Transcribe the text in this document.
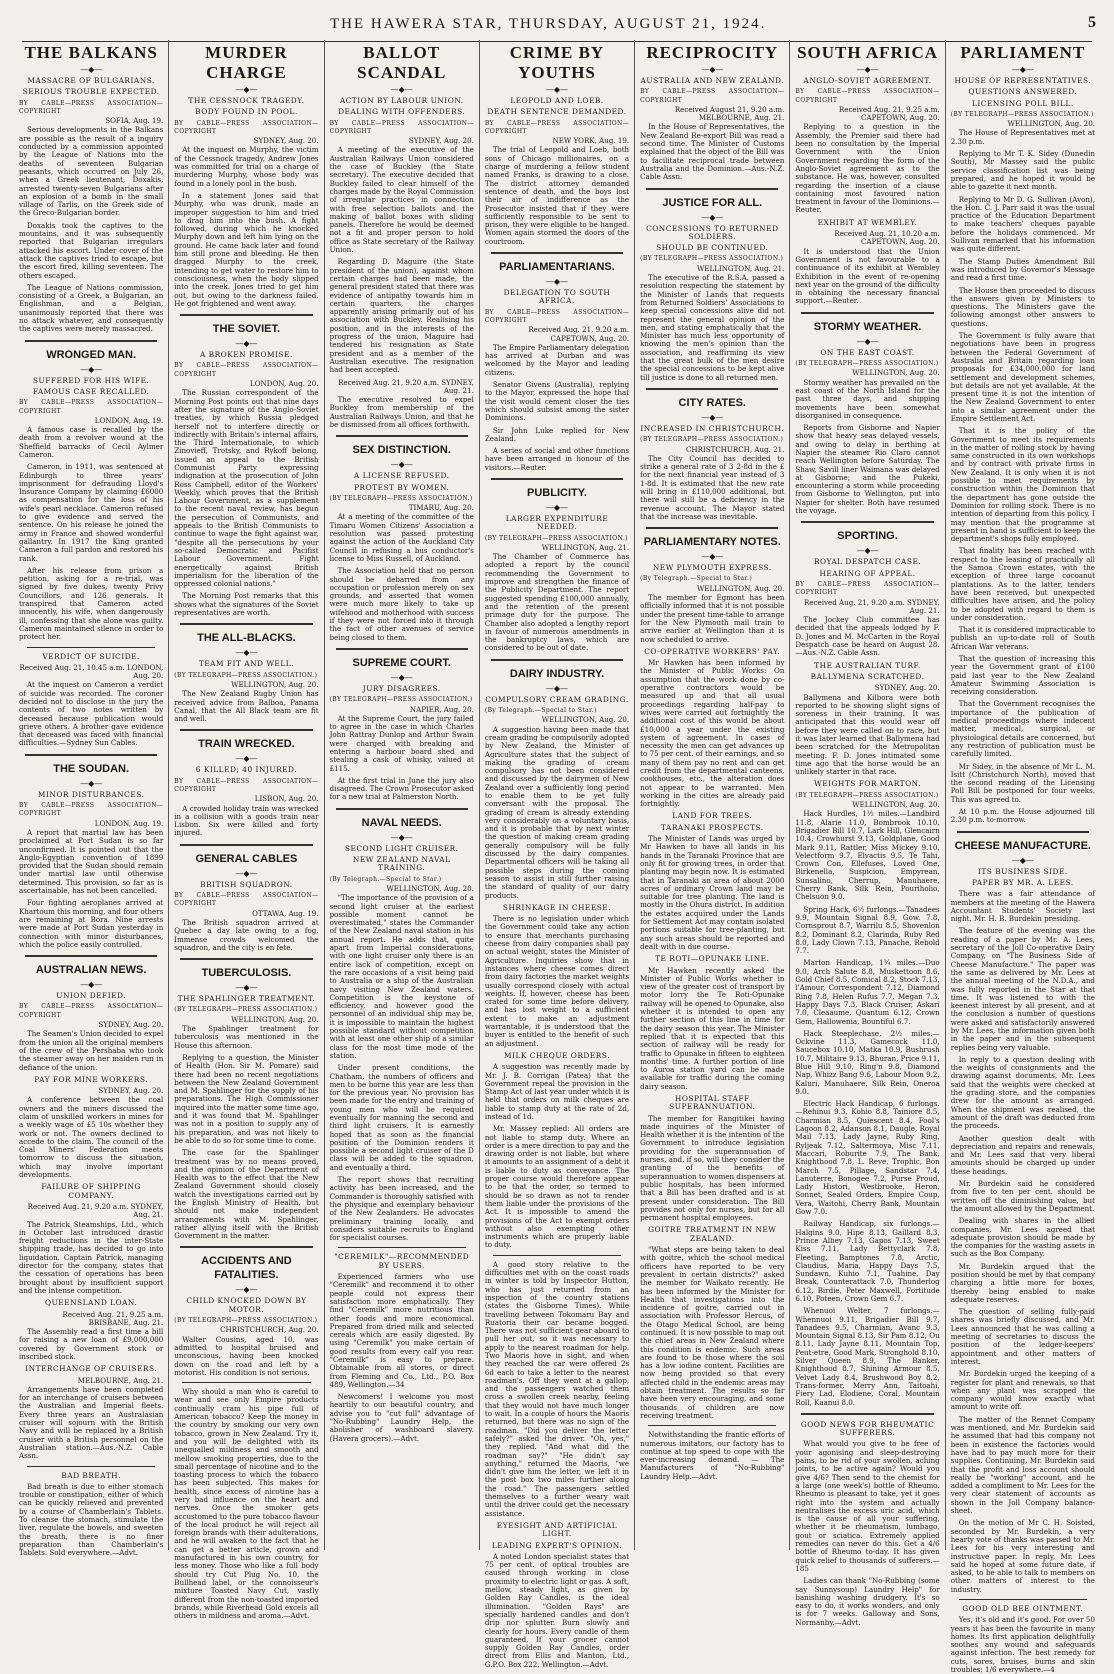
THE HAWERA STAR, THURSDAY, AUGUST 21, 1924.	5
THE BALKANS
—◆—
MASSACRE OF BULGARIANS.
SERIOUS TROUBLE EXPECTED.
BY CABLE—PRESS ASSOCIATION—COPYRIGHT
SOFIA, Aug. 19.
Serious developments in the Balkans are possible as the result of a inquiry conducted by a commission appointed by the League of Nations into the deaths of seventeen Bulgarian peasants, which occurred on July 26, when a Greek lieutenant, Doxakis, arrested twenty-seven Bulgarians after an explosion of a bomb in the small village of Tarlis, on the Greek side of the Greco-Bulgarian border.
Doxakis took the captives to the mountains, and it was subsequently reported that Bulgarian irregulars attacked his escort. Under cover of the attack the captives tried to escape, but the escort fired, killing seventeen. The others escaped.
The League of Nations commission, consisting of a Greek, a Bulgarian, an Englishman, and a Belgian, unanimously reported that there was no attack whatever, and consequently the captives were merely massacred.
WRONGED MAN.
—◆—
SUFFERED FOR HIS WIFE.
FAMOUS CASE RECALLED.
BY CABLE—PRESS ASSOCIATION—COPYRIGHT
LONDON, Aug. 19.
A famous case is recalled by the death from a revolver wound at the Sheffield barracks of Cecil Aylmer Cameron.
Cameron, in 1911, was sentenced at Edinburgh to three years' imprisonment for defrauding Lloyd's Insurance Company by claiming £6000 as compensation for the loss of his wife's pearl necklace. Cameron refused to give evidence and served the sentence. On his release he joined the army in France and showed wonderful gallantry. In 1917 the King granted Cameron a full pardon and restored his rank.
After his release from prison a petition, asking for a re-trial, was signed by five dukes, twenty Privy Councillors, and 126 generals. It transpired that Cameron acted innocently, his wife, when dangerously ill, confessing that she alone was guilty. Cameron maintained silence in order to protect her.
VERDICT OF SUICIDE.
Received Aug. 21, 10.45 a.m. LONDON, Aug. 20.
At the inquest on Cameron a verdict of suicide was recorded. The coroner decided not to disclose in the jury the contents of two notes written by deceased because publication would grieve others. A brother gave evidence that deceased was faced with financial difficulties.—Sydney Sun Cables.
THE SOUDAN.
—◆—
MINOR DISTURBANCES.
BY CABLE—PRESS ASSOCIATION—COPYRIGHT
LONDON, Aug. 19.
A report that martial law has been proclaimed at Port Sudan is so far unconfirmed. It is pointed out that the Anglo-Egyptian convention of 1899 provided that the Sudan should remain under martial law until otherwise determined. This provision, so far as is ascertainable, has not been cancelled.
Four fighting aeroplanes arrived at Khartoum this morning, and four others are remaining at Bora. Nine arrests were made at Port Sudan yesterday in connection with minor disturbances, which the police easily controlled.
AUSTRALIAN NEWS.
—◆—
UNION DEFIED.
BY CABLE—PRESS ASSOCIATION—COPYRIGHT
SYDNEY, Aug. 20.
The Seamen's Union decided to expel from the union all the original members of the crew of the Pershaba who took the steamer away on her maiden run in defiance of the union.
PAY FOR MINE WORKERS.
SYDNEY, Aug. 20.
A conference between the coal owners and the miners discussed the claim of unskilled workers in mines for a weekly wage of £5 10s whether they work or not. The owners declined to accede to the claim. The council of the Coal Miners' Federation meets tomorrow to discuss the situation, which may involve important developments.
FAILURE OF SHIPPING COMPANY.
Received Aug. 21, 9.20 a.m. SYDNEY, Aug. 21.
The Patrick Steamships, Ltd., which in October last introduced drastic freight reductions in the inter-State shipping trade, has decided to go into liquidation. Captain Patrick, managing director for the company, states that the cessation of operations has been brought about by insufficient support and the intense competition.
QUEENSLAND LOAN.
Received Aug. 21, 9.25 a.m. BRISBANE, Aug. 21.
The Assembly read a first time a bill for raising a new loan of £9,000,000 covered by Government stock or inscribed stock.
INTERCHANGE OF CRUISERS.
MELBOURNE, Aug. 21.
Arrangements have been completed for an interchange of cruisers between the Australian and Imperial fleets. Every three years an Australasian cruiser will sojourn with the British Navy and will be replaced by a British cruiser with a British personnel on the Australian station.—Aus.-N.Z. Cable Assn.
BAD BREATH.
Bad breath is due to either stomach trouble or constipation, either of which can be quickly relieved and prevented by a course of Chamberlain's Tablets. To cleanse the stomach, stimulate the liver, regulate the bowels, and sweeten the breath, there is no finer preparation than Chamberlain's Tablets. Sold everywhere.—Advt.
MURDER CHARGE
—◆—
THE CESSNOCK TRAGEDY.
BODY FOUND IN POOL.
BY CABLE—PRESS ASSOCIATION—COPYRIGHT
SYDNEY, Aug. 20.
At the inquest on Murphy, the victim of the Cessnock tragedy, Andrew Jones was committed for trial on a charge of murdering Murphy, whose body was found in a lonely pool in the bush.
In a statement Jones said that Murphy, who was drunk, made an improper suggestion to him and tried to drag him into the bush. A fight followed, during which he knocked Murphy down and left him lying on the ground. He came back later and found him still prone and bleeding. He then dragged Murphy to the creek, intending to get water to restore him to consciousness, when the body slipped into the creek. Jones tried to get him out, but owing to the darkness failed. He got frightened and went away.
THE SOVIET.
—◆—
A BROKEN PROMISE.
BY CABLE—PRESS ASSOCIATION—COPYRIGHT
LONDON, Aug. 20.
The Russian correspondent of the Morning Post points out that nine days after the signature of the Anglo-Soviet treaties, by which Russia pledged herself not to interfere directly or indirectly with Britain's internal affairs, the Third Internationale, to which Zinovieff, Trotsky, and Rykoff belong, issued an appeal to the British Communist Party expressing indignation at the prosecution of John Ross Campbell, editor of the Workers' Weekly, which proves that the British Labour Government, as a supplement to the recent naval review, has begun the persecution of Communists, and appeals to the British Communists to continue to wage the fight against war, "despite all the persecutions by your so-called Democratic and Pacifist Labour Government. Fight energetically against British imperialism for the liberation of the oppressed colonial nations."
The Morning Post remarks that this shows what the signatures of the Soviet representatives are worth.
THE ALL-BLACKS.
—◆—
TEAM FIT AND WELL.
(BY TELEGRAPH—PRESS ASSOCIATION.)
WELLINGTON, Aug. 20.
The New Zealand Rugby Union has received advice from Balboa, Panama Canal, that the All Black team are fit and well.
TRAIN WRECKED.
—◆—
6 KILLED; 40 INJURED.
BY CABLE—PRESS ASSOCIATION—COPYRIGHT
LISBON, Aug. 20.
A crowded holiday train was wrecked in a collision with a goods train near Lisbon. Six were killed and forty injured.
GENERAL CABLES
—◆—
BRITISH SQUADRON.
BY CABLE—PRESS ASSOCIATION—COPYRIGHT
OTTAWA, Aug. 19.
The British squadron arrived at Quebec a day late owing to a fog. Immense crowds welcomed the squadron, and the city is en fete.
TUBERCULOSIS.
—◆—
THE SPAHLINGER TREATMENT.
(BY TELEGRAPH—PRESS ASSOCIATION.)
WELLINGTON, Aug. 20.
The Spahlinger treatment for tuberculosis was mentioned in the House this afternoon.
Replying to a question, the Minister of Health (Hon. Sir M. Pomare) said there had been no recent negotiations between the New Zealand Government and M. Spahlinger for the supply of his preparations. The High Commissioner inquired into the matter some time ago, and it was found that M. Spahlinger was not in a position to supply any of his preparation, and was not likely to be able to do so for some time to come.
The case for the Spahlinger treatment was by no means proved, and the opinion of the Department of Health was to the effect that the New Zealand Government should closely watch the investigations carried out by the English Ministry of Health, but should not make independent arrangements with M. Spahlinger, rather allying itself with the British Government in the matter.
ACCIDENTS AND FATALITIES.
—◆—
CHILD KNOCKED DOWN BY MOTOR.
(BY TELEGRAPH—PRESS ASSOCIATION.)
CHRISTCHURCH, Aug. 20.
Walter Cousins, aged 10, was admitted to hospital bruised and unconscious, having been knocked down on the road and left by a motorist. His condition is not serious.
Why should a man who is careful to wear and see only Empire products continually cram his pipe full of American tobacco? Keep the money in the country by smoking our very own tobacco, grown in New Zealand. Try it, and you will be delighted with its unequalled mildness and smooth and mellow smoking properties, due to the small percentage of nicotine and to the toasting process to which the tobacco has been subjected. This makes for health, since excess of nicotine has a very bad influence on the heart and nerves. Once the smoker gets accustomed to the pure tobacco flavour of the local product he will reject all foreign brands with their adulterations, and he will awaken to the fact that he can get a better article, grown and manufactured in his own country, for less money. Those who like a full body should try Cut Plug No. 10, the Bullhead label, or the connoisseur's mixture Toasted Navy Cut, vastly different from the non-toasted imported brands, while Riverhead Gold excels all others in mildness and aroma.—Advt.
BALLOT SCANDAL
—◆—
ACTION BY LABOUR UNION.
DEALING WITH OFFENDERS.
BY CABLE—PRESS ASSOCIATION—COPYRIGHT
SYDNEY, Aug. 20.
A meeting of the executive of the Australian Railways Union considered the case of Buckley (the State secretary). The executive decided that Buckley failed to clear himself of the charges made by the Royal Commission of irregular practices in connection with free selection ballots and the making of ballot boxes with sliding panels. Therefore he would be deemed not a fit and proper person to hold office as State secretary of the Railway Union.
Regarding D. Maguire (the State president of the union), against whom certain charges had been made, the general president stated that there was evidence of antipathy towards him in certain quarters, the charges apparently arising primarily out of his association with Buckley. Realising his position, and in the interests of the progress of the union, Maguire had tendered his resignation as State president and as a member of the Australian executive. The resignation had been accepted.
Received Aug. 21, 9.20 a.m. SYDNEY, Aug. 21.
The executive resolved to expel Buckley from membership of the Australian Railways Union, and that he be dismissed from all offices forthwith.
SEX DISTINCTION.
—◆—
A LICENSE REFUSED.
PROTEST BY WOMEN.
(BY TELEGRAPH—PRESS ASSOCIATION.)
TIMARU, Aug. 20.
At a meeting of the committee of the Timaru Women Citizens' Association a resolution was passed protesting against the action of the Auckland City Council in refusing a bus conductor's license to Miss Russell, of Auckland.
The Association held that no person should be debarred from any occupation or profession merely on sex grounds, and asserted that women were much more likely to take up wifehood and motherhood with success if they were not forced into it through the fact of other avenues of service being closed to them.
SUPREME COURT.
—◆—
JURY DISAGREES.
(BY TELEGRAPH—PRESS ASSOCIATION.)
NAPIER, Aug. 20.
At the Supreme Court, the jury failed to agree in the case in which Charles John Rattray Dunlop and Arthur Swain were charged with breaking and entering a harbour board shed and stealing a cask of whisky, valued at £115.
At the first trial in June the jury also disagreed. The Crown Prosecutor asked for a new trial at Palmerston North.
NAVAL NEEDS.
—◆—
SECOND LIGHT CRUISER.
NEW ZEALAND NAVAL TRAINING.
(By Telegraph.—Special to Star.)
WELLINGTON, Aug. 20.
"The importance of the provision of a second light cruiser at the earliest possible moment cannot be overestimated," states the Commander of the New Zealand naval station in his annual report. He adds that, quite apart from Imperial considerations, with one light cruiser only there is an entire lack of competition, except on the rare occasions of a visit being paid to Australia or a ship of the Australian navy visiting New Zealand waters. Competition is the keystone of efficiency, and however good the personnel of an individual ship may be, it is impossible to maintain the highest possible standard without competition with at least one other ship of a similar class for the most time mode of the station.
Under present conditions, the Chatham, the numbers of officers and men to be borne this year are less than for the previous year. No provision has been made for the entry and training of young men who will be required eventually for manning the second and third light cruisers. It is earnestly hoped that as soon as the financial position of the Dominion renders it possible a second light cruiser of the D class will be added to the squadron, and eventually a third.
The report shows that recruiting activity has been increased, and the Commander is thoroughly satisfied with the physique and exemplary behaviour of the New Zealanders. He advocates preliminary training locally, and considers suitable recruits to England for specialist courses.
"CEREMILK"—RECOMMENDED BY USERS.
Experienced farmers who use "Ceremilk" and recommend it to other people could not express their satisfaction more emphatically. They find "Ceremilk" more nutritious than other foods and more economical. Prepared from dried milk and selected cereals which are easily digested. By using "Ceremilk" you make certain of good results from every calf you rear. "Ceremilk" is easy to prepare. Obtainable from all stores, or direct from Fleming and Co., Ltd., P.O. Box 489, Wellington.—34
Newcomers! I welcome you most heartily to our beautiful country, and advise you to "cut full" advantage of "No-Rubbing" Laundry Help, the abolisher of washboard slavery. (Havera grocers).—Advt.
CRIME BY YOUTHS
—◆—
LEOPOLD AND LOEB.
DEATH SENTENCE DEMANDED.
BY CABLE—PRESS ASSOCIATION—COPYRIGHT
NEW YORK, Aug. 19.
The trial of Leopold and Loeb, both sons of Chicago millionaires, on a charge of murdering a fellow student named Franks, is drawing to a close. The district attorney demanded sentence of death, and the boys lost their air of indifference as the Prosecutor insisted that if they were sufficiently responsible to be sent to prison, they were eligible to be hanged. Women again stormed the doors of the courtroom.
PARLIAMENTARIANS.
—◆—
DELEGATION TO SOUTH AFRICA.
BY CABLE—PRESS ASSOCIATION—COPYRIGHT
Received Aug. 21, 9.20 a.m. CAPETOWN, Aug. 20.
The Empire Parliamentary delegation has arrived at Durban and was welcomed by the Mayor and leading citizens.
Senator Givens (Australia), replying to the Mayor, expressed the hope that the visit would cement closer the ties which should subsist among the sister Dominions.
Sir John Luke replied for New Zealand.
A series of social and other functions have been arranged in honour of the visitors.—Reuter.
PUBLICITY.
—◆—
LARGER EXPENDITURE NEEDED.
(BY TELEGRAPH—PRESS ASSOCIATION.)
WELLINGTON, Aug. 21.
The Chamber of Commerce has adopted a report by the council recommending the Government to improve and strengthen the finance of the Publicity Department. The report suggested spending £100,000 annually, and the retention of the present primage duty for the purpose. The Chamber also adopted a lengthy report in favour of numerous amendments in the bankruptcy laws, which are considered to be out of date.
DAIRY INDUSTRY.
—◆—
COMPULSORY CREAM GRADING.
(By Telegraph.—Special to Star.)
WELLINGTON, Aug. 20.
A suggestion having been made that cream grading be compulsorily adopted by New Zealand, the Minister of Agriculture states that the subject of making the grading of cream compulsory has not been considered and discussed by the dairymen of New Zealand over a sufficiently long period to enable them to be yet fully conversant with the proposal. The grading of cream is already extending very considerably on a voluntary basis, and it is probable that by next winter the question of making cream grading generally compulsory will be fully discussed by the dairy companies. Departmental officers will be taking all possible steps during the coming season to assist in still further raising the standard of quality of our dairy products.
SHRINKAGE IN CHEESE.
There is no legislation under which the Government could take any action to ensure that merchants purchasing cheese from dairy companies shall pay on actual weight, states the Minister of Agriculture. Inquiries show that in instances where cheese comes direct from dairy factories the market weights usually correspond closely with actual weights. If, however, cheese has been crated for some time before delivery, and has lost weight to a sufficient extent to make an adjustment warrantable, it is understood that the buyer is entitled to the benefit of such an adjustment.
MILK CHEQUE ORDERS.
A suggestion was recently made by Mr. J. B. Corrigan (Patea) that the Government repeal the provision in the Stamp Act of last year under which it is held that orders on milk cheques are liable to stamp duty at the rate of 2d, instead of 1d.
Mr. Massey replied: All orders are not liable to stamp duty. Where an order is a mere direction to pay and the drawing order is not liable, but where it amounts to an assignment of a debt it is liable to duty as conveyance. The proper course would therefore appear to be that the order, so termed to should be so drawn as not to render them liable under the provisions of the Act. It is impossible to amend the provisions of the Act to exempt orders without also exempting other instruments which are properly liable to duty.
A good story relative to the difficulties met with on the coast roads in winter is told by Inspector Hutton, who has just returned from an inspection of the country stations (states the Gisborne Times). While travelling between Tokomaru Bay and Ruatoria their car became bogged. There was not sufficient gear aboard to pull her out, so it was necessary to apply to the nearest roadman for help. Two Maoris hove in sight, and when they reached the car were offered 2s 6d each to take a letter to the nearest roadman's. Off they went at a gallop, and the passengers watched them cross a swollen creek nearby, feeling that they would not have much longer to wait. In a couple of hours the Maoris returned, but there was no sign of the roadman. "Did you deliver the letter safely?" asked the driver. "Oh, yes," they replied. "And what did the roadman say?" "He didn't say anything," returned the Maoris, "we didn't give him the letter, we left it in the post box two miles further along the road." The passengers settled themselves to a further weary wait until the driver could get the necessary assistance.
EYESIGHT AND ARTIFICIAL LIGHT.
LEADING EXPERT'S OPINION.
A noted London specialist states that 75 per cent. of optical troubles are caused through working in close proximity to electric light or gas. A soft, mellow, steady light, as given by Golden Ray Candles, is the ideal illumination. "Golden Rays" are specially hardened candles and don't drip nor splutter. Burn slowly and clearly for hours. Every candle of them guaranteed, If your grocer cannot supply Golden Ray Candles, order direct from Ellis and Manton, Ltd., G.P.O. Box 222, Wellington.—Advt.
RECIPROCITY
—◆—
AUSTRALIA AND NEW ZEALAND.
BY CABLE—PRESS ASSOCIATION—COPYRIGHT
Received August 21, 9.20 a.m. MELBOURNE, Aug. 21.
In the House of Representatives, the New Zealand Re-export Bill was read a second time. The Minister of Customs explained that the object of the Bill was to facilitate reciprocal trade between Australia and the Dominion.—Aus.-N.Z. Cable Assn.
JUSTICE FOR ALL.
—◆—
CONCESSIONS TO RETURNED SOLDIERS.
SHOULD BE CONTINUED.
(BY TELEGRAPH—PRESS ASSOCIATION.)
WELLINGTON, Aug. 21.
The executive of the R.S.A. passed a resolution respecting the statement by the Minister of Lands that requests from Returned Soldiers' Associations to keep special concessions alive did not represent the general opinion of the men, and stating emphatically that the Minister has much less opportunity of knowing the men's opinion than the association, and reaffirming its view that the great bulk of the men desire the special concessions to be kept alive till justice is done to all returned men.
CITY RATES.
—◆—
INCREASED IN CHRISTCHURCH.
(BY TELEGRAPH—PRESS ASSOCIATION.)
CHRISTCHURCH, Aug. 21.
The City Council has decided to strike a general rate of 3 2-8d in the £ for the next financial year instead of 3 1-8d. It is estimated that the new rate will bring in £110,000 additional, but there will still be a deficiency in the revenue account. The Mayor stated that the increase was inevitable.
PARLIAMENTARY NOTES.
—◆—
NEW PLYMOUTH EXPRESS.
(By Telegraph.—Special to Star.)
WELLINGTON, Aug. 20.
The member for Egmont has been officially informed that it is not possible under the present time-table to arrange for the New Plymouth mail train to arrive earlier at Wellington than it is now scheduled to arrive.
CO-OPERATIVE WORKERS' PAY.
Mr Hawken has been informed by the Minister of Public Works: On assumption that the work done by co-operative contractors would be measured up and that all usual proceedings regarding half-pay to wives were carried out fortnightly the additional cost of this would be about £10,000 a year under the existing system of agreement. In cases of necessity the men can get advances up to 75 per cent. of their earnings, and so many of them pay no rent and can get credit from the departmental canteens, cookhouses, etc., the alteration does not appear to be warranted. Men working in the cities are already paid fortnightly.
LAND FOR TREES.
TARANAKI PROSPECTS.
The Minister of Lands was urged by Mr Hawken to have all lands in his hands in the Taranaki Province that are only fit for growing trees, in order that planting may begin now. It is estimated that in Taranaki an area of about 2000 acres of ordinary Crown land may be suitable for tree planting. The land is mostly in the Ohura district. In addition the estates acquired under the Lands for Settlement Act may contain isolated portions suitable for tree-planting, but any such areas should be reported and dealt with in due course.
TE ROTI—OPUNAKE LINE.
Mr Hawken recently asked the Minister of Public Works whether in view of the greater cost of transport by motor lorry the Te Roti-Opunake railway will be opened to Opunake, also whether it is intended to open any further section of this line in time for the dairy season this year. The Minister replied that it is expected that this section of railway will be ready for traffic to Opunake in fifteen to eighteen months' time. A further portion of line to Auroa station yard can be made available for traffic during the coming dairy season.
HOSPITAL STAFF SUPERANNUATION.
The member for Rangitikei having made inquiries of the Minister of Health whether it is the intention of the Government to introduce legislation providing for the superannuation of nurses, and, if so, will they consider the granting of the benefits of superannuation to women dispensers at public hospitals, has been informed that a Bill has been drafted and is at present under consideration. The Bill provides not only for nurses, but for all permanent hospital employees.
GOITRE TREATMENT IN NEW ZEALAND.
"What steps are being taken to deal with goitre, which the school medical officers have reported to be very prevalent in certain districts?" asked the member for Waikato recently. He has been informed by the Minister for Health that investigations into the incidence of goitre, carried out in association with Professor Hercus, of the Otago Medical School, are being continued. It is now possible to map out the chief areas in New Zealand where this condition is endemic. Such areas are found to be those where the soil has a low iodine content. Facilities are now being provided so that every affected child in the endemic areas may obtain treatment. The results so far have been very encouraging, and some thousands of children are now receiving treatment.
Notwithstanding the frantic efforts of numerous imitators, our factory has to continue at top speed to cope with the ever-increasing demand. — The Manufacturers of "No-Rubbing" Laundry Help.—Advt.
SOUTH AFRICA
—◆—
ANGLO-SOVIET AGREEMENT.
BY CABLE—PRESS ASSOCIATION—COPYRIGHT
Received Aug. 21, 9.25 a.m. CAPETOWN, Aug. 20.
Replying to a question in the Assembly, the Premier said there had been no consultation by the Imperial Government with the Union Government regarding the form of the Anglo-Soviet agreement as to the substance. He was, however, consulted regarding the insertion of a clause containing most favoured nation treatment in favour of the Dominions.—Reuter.
EXHIBIT AT WEMBLEY.
Received Aug. 21, 10.20 a.m. CAPETOWN, Aug. 20.
It is understood that the Union Government is not favourable to a continuance of its exhibit at Wembley Exhibition in the event of re-opening next year on the ground of the difficulty in obtaining the necessary financial support.—Reuter.
STORMY WEATHER.
—◆—
ON THE EAST COAST.
(BY TELEGRAPH—PRESS ASSOCIATION.)
WELLINGTON, Aug. 20.
Stormy weather has prevailed on the east coast of the North Island for the past three days, and shipping movements have been somewhat disorganised in consequence.
Reports from Gisborne and Napier show that heavy seas delayed vessels, and owing to delay in berthing at Napier the steamer Rio Claro cannot reach Wellington before Saturday. The Shaw, Savill liner Waimana was delayed at Gisborne; and the Pukeki, encountering a storm while proceeding from Gisborne to Wellington, put into Napier for shelter. Both have resumed the voyage.
SPORTING.
—◆—
ROYAL DESPATCH CASE.
HEARING OF APPEAL.
BY CABLE—PRESS ASSOCIATION—COPYRIGHT
Received Aug. 21, 9.20 a.m. SYDNEY, Aug. 21.
The Jockey Club committee has decided that the appeals lodged by F. D. Jones and M. McCarten in the Royal Despatch case be heard on August 28.—Aus.-N.Z. Cable Assn.
THE AUSTRALIAN TURF.
BALLYMENA SCRATCHED.
SYDNEY, Aug. 20.
Ballymena and Kilbora were both reported to be showing slight signs of soreness in their training. It was anticipated that this would wear off before they were called on to race, but it was later learned that Ballymena had been scratched for the Metropolitan meeting. F. D. Jones intimated some time ago that the horse would be an unlikely starter in that race.
WEIGHTS FOR MARTON.
(BY TELEGRAPH—PRESS ASSOCIATION.)
WELLINGTON, Aug. 20.
Hack Hurdles, 1½ miles.—Landbird 11.8, Alarie 11.0, Bombrook 10.10, Brigadier Bill 10.7, Lark Hill, Glencairn 10.4, Crowhurst 9.13, Goldplane, Good Mark 9.11, Rattler, Miss Mickey 9.10, Velectform 9.7, Elvactis 9.5, Te Tahi, Crown Con, Ellefuses, Loved One, Birkenella, Suspicion, Empyrean, Sunsalino, Cherrup, Manuhaere, Cherry Bank, Silk Rein, Pouriholio, Chelsuon 9.0.
Spring Hack, 6½ furlongs.—Tanadees 9.9, Mountain Signal 8.9, Gow. 7.8, Cornsprout 8.7, Warrilu 8.5, Shovenlon 8.2, Dominant 8.2, Clarinda, Ruby Red 8.0, Lady Clown 7.13, Panache, Rebold 7.7.
Marton Handicap, 1¼ miles.—Duo 9.0, Arch Salute 8.8, Muskettoon 8.6, Gold Chief 8.5, Comical 8.2, Stock 7.13, l'Amour, Correspondent 7.12, Diamond Ring 7.8, Helen Rufus 7.7, Megan 7.3, Happy Days 7.3, Black Cruiser, Askari 7.0, Cleaaume, Quantum 6.12, Crown Gem, Hallowenia, Bountiful 6.7.
Hack Steeplechase, 2½ miles.—Ockvine 11.3, Gamecock 11.0, Saucebox 10.10, Matka 10.9, Bushrush 10.7, Militaire 9.13, Bhuran, Price 9.11, Blue Hill 9.10, Ring'n 9.8, Diamond Nap, Whizz Bang 9.6, Labour Moon 9.2, Kaluri, Manuhaere, Silk Rein, Oneroa 9.0.
Electric Hack Handicap, 6 furlongs.—Rehinui 9.3, Kohio 8.8, Tainiore 8.5, Charmian 8.5, Quiescent 8.4, Fool's Lagoon 8.2, Adanson 8.1, Daugle, Royal Mail 7.13, Lady Jayne, Ruby Ring, Ryljeak 7.12, Saltermoya, Misc 7.11, Maccari, Roburite 7.9, The Bank, Knighthood 7.8, L. Reve, Trophic, Bon March 7.5, Pillage, Sandstar 7.4, Lanuterre, Bonogee 7.2, Purse Proud, Lady Histori, Westbrooke, Heron, Sonnet, Sealed Orders, Empire Coup, Vera, Waitohi, Cherry Bank, Mountain Gow 7.0.
Railway Handicap, six furlongs.—Halgins 9.0, Hipe 8.13, Gaillard 8.3, Prince Albey 7.13, Gapos 7.13, Sweet Kiss 7.11, Lady Bettyclark 7.8, Fleeting, Bamptones 7.8, Arctic, Claudius, Maria, Happy Days 7.5, Sundawn, Kuhio 7.1, Tuahine, Day Break, Counterattack 7.0, Thunderlog 6.12, Birdie, Peter Maxwell, Fortitude 6.10, Poteen, Crown Gem 6.7.
Whenuoi Welter, 7 furlongs.—Whennuoi 9.11, Brigadier Bill 9.7, Tanadees 9.5, Charmian, Avanc 9.3, Mountain Signal 8.13, Sir Pam 8.12, Ou 8.11, Lady Jayne 8.11, Mountain Top, Peut-etre, Good Mark, Stronghold 8.10, Silver Queen 8.9, The Banker, Knighthood 8.7, Shining Armour 8.5, Velvet Lady 8.4, Brushwood Boy 8.2, Trans-former, Merry Ann, Taitoahi, Fiery Lad, Elodiene, Coral, Mountain Roll, Kaanui 8.0.
GOOD NEWS FOR RHEUMATIC SUFFERERS.
What would you give to be free of your agonising and sleep-destroying pains, to be rid of your swollen, aching joints, to be active again? Would you give 4/6? Then send to the chemist for a large (one week's) bottle of Rheumo. Rheumo is pleasant to take, yet it goes right into the system and actually neutralises the excess uric acid, which is the cause of all your suffering, whether it be rheumatism, lumbago, gout or sciatica. Extremely applied remedies can never do this. Get a 4/6 bottle of Rheumo to-day. It has given quick relief to thousands of sufferers.—185
Ladies can thank "No-Rubbing (some say Sunnysoup) Laundry Help" for banishing washing drudgery. It's so easy to do, it works wonders, and only is for 7 weeks. Galloway and Sons, Normanby.—Advt.
PARLIAMENT
—◆—
HOUSE OF REPRESENTATIVES.
QUESTIONS ANSWERED.
LICENSING POLL BILL.
(BY TELEGRAPH—PRESS ASSOCIATION.)
WELLINGTON, Aug. 20.
The House of Representatives met at 2.30 p.m.
Replying to Mr T. K. Sidey (Dunedin South), Mr Massey said the public service classification list was being prepared, and he hoped it would be able to gazette it next month.
Replying to Mr D. G. Sullivan (Avon), the Hon. C. J. Parr said it was the usual practice of the Education Department to make teachers' cheques payable before the holidays commenced. Mr Sullivan remarked that his information was quite different.
The Stamp Duties Amendment Bill was introduced by Governor's Message and read a first time.
The House then proceeded to discuss the answers given by Ministers to questions. The Ministers gave the following amongst other answers to questions.
The Government is fully aware that negotiations have been in progress between the Federal Government of Australia and Britain regarding loan proposals for £34,000,000 for land settlement and development schemes, but details are not yet available. At the present time it is not the intention of the New Zealand Government to enter into a similar agreement under the Empire Settlement Act.
That it is the policy of the Government to meet its requirements in the matter of rolling stock by having same constructed in its own workshops and by contract with private firms in New Zealand. It is only when it is not possible to meet requirements by construction within the Dominion that the department has gone outside the Dominion for rolling stock. There is no intention of departing from this policy. I may mention that the programme at present in hand is sufficient to keep the department's shops fully employed.
That finality has been reached with respect to the leasing of practically all the Samoa Crown estates, with the exception of three large cocoanut plantations. As to the latter, tenders have been received, but unexpected difficulties have arisen, and the policy to be adopted with regard to them is under consideration.
That it is considered impracticable to publish an up-to-date roll of South African War veterans.
That the question of increasing this year the Government grant of £100 paid last year to the New Zealand Amateur Swimming Association is receiving consideration.
That the Government recognises the importance of the publication of medical proceedings where indecent matter, medical, surgical, or physiological details are concerned, but any restriction of publication must be carefully limited.
Mr Sidey, in the absence of Mr L. M. Isitt (Christchurch North), moved that the second reading of the Licensing Poll Bill be postponed for four weeks. This was agreed to.
At 10 p.m. the House adjourned till 2.30 p.m. to-morrow.
CHEESE MANUFACTURE.
—◆—
ITS BUSINESS SIDE.
PAPER BY MR. A. LEES.
There was a fair attendance of members at the meeting of the Hawera Accountant Students' Society last night, Mr. H. B. Burdekin presiding.
The feature of the evening was the reading of a paper by Mr. A. Lees, secretary of the Joll Co-operative Dairy Company, on "The Business Side of Cheese Manufacture." The paper was the same as delivered by Mr. Lees at the annual meeting of the N.D.A., and was fully reported in the Star at that time. It was listened to with the keenest interest by all present, and at the conclusion a number of questions were asked and satisfactorily answered by Mr. Lees, the information given both in the paper and in the subsequent replies being very valuable.
In reply to a question dealing with the weights of consignments and the drawing against documents, Mr. Lees said that the weights were checked at the grading store, and the companies drew for the amount as arranged. When the shipment was realised, the amount of the draft was deducted from the proceeds.
Another question dealt with depreciation and repairs and renewals, and Mr. Lees said that very liberal amounts should be charged up under these headings.
Mr. Burdekin said he considered from five to ten per cent. should be written off the diminishing value, but the amount allowed by the Department.
Dealing with shares in the allied companies, Mr. Lees agreed that adequate provision should be made by the companies for the wasting assets in such as the Box Company.
Mr. Burdekin argued that the position should be met by that company charging a little more for boxes, thereby being enabled to make adequate reserves.
The question of selling fully-paid shares was briefly discussed, and Mr. Lees announced that he was calling a meeting of secretaries to discuss the position of the ledger-keepers' appointment and other matters of interest.
Mr. Burdekin urged the keeping of a register for plant and renewals, so that when any plant was scrapped the company would know exactly what amount to write off.
The matter of the Rennet Company was mentioned, and Mr. Burdekin said he assumed that had this company not been in existence the factories would have had to pay much more for their supplies. Continuing, Mr. Burdekin said that the profit and loss account should really be "working" account, and he added a compliment to Mr. Lees for the very clear statement of accounts as shown in the Joll Company balance-sheet.
On the motion of Mr C. H. Soisted, seconded by Mr. Burdekin, a very hearty vote of thanks was passed to Mr. Lees for his very interesting and instructive paper. In reply, Mr. Lees said he hoped at some future date, if asked, to be able to talk to members on other matters of interest to the industry.
GOOD OLD BEE OINTMENT.
Yes, it's old and it's good. For over 50 years it has been the favourite in many homes. Its first application delightfully soothes any wound and safeguards against infection. The best remedy for cuts, sores, bruises, burns and skin troubles; 1/6 everywhere.—4
